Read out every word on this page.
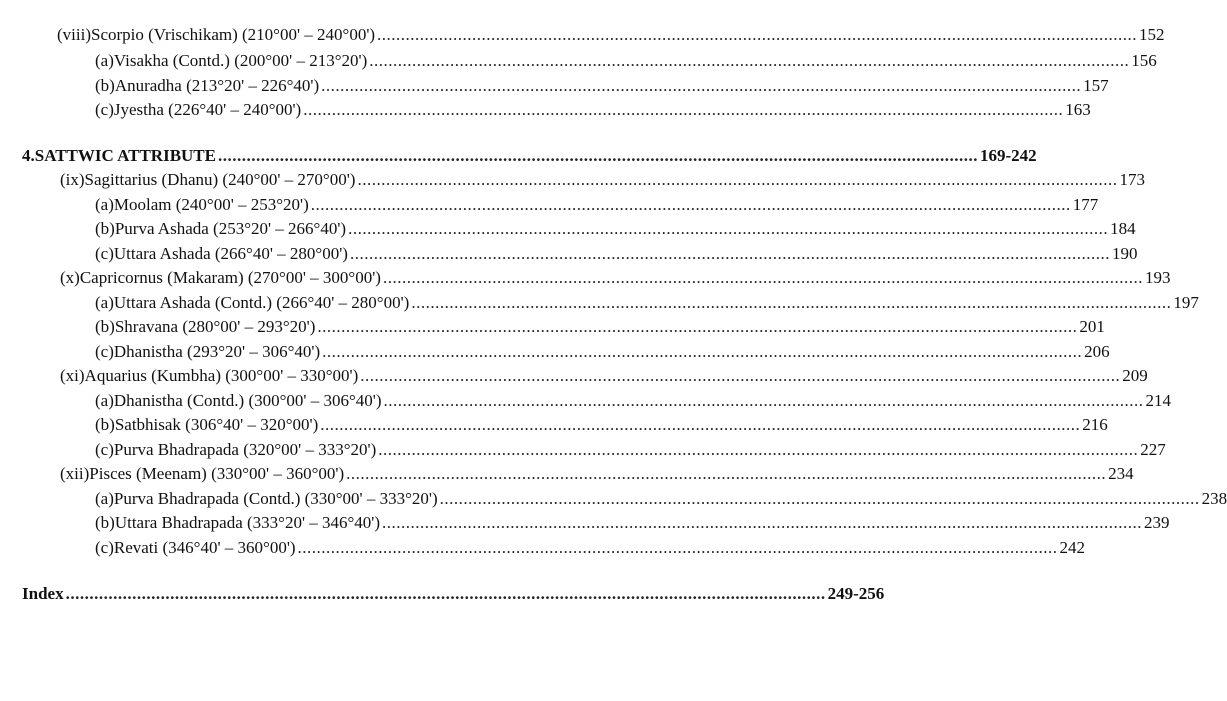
(viii) Scorpio (Vrischikam) (210°00' – 240°00') ................................................................................................................................................................ 152
(a) Visakha (Contd.) (200°00' – 213°20') ................................................................................................................................................................ 156
(b) Anuradha (213°20' – 226°40') ................................................................................................................................................................ 157
(c) Jyestha (226°40' – 240°00') ................................................................................................................................................................ 163
4. SATTWIC ATTRIBUTE ................................................................................................................................................................ 169-242
(ix) Sagittarius (Dhanu) (240°00' – 270°00') ................................................................................................................................................................ 173
(a) Moolam (240°00' – 253°20') ................................................................................................................................................................ 177
(b) Purva Ashada (253°20' – 266°40') ................................................................................................................................................................ 184
(c) Uttara Ashada (266°40' – 280°00') ................................................................................................................................................................ 190
(x) Capricornus (Makaram) (270°00' – 300°00') ................................................................................................................................................................ 193
(a) Uttara Ashada (Contd.) (266°40' – 280°00') ................................................................................................................................................................ 197
(b) Shravana (280°00' – 293°20') ................................................................................................................................................................ 201
(c) Dhanistha (293°20' – 306°40') ................................................................................................................................................................ 206
(xi) Aquarius (Kumbha) (300°00' – 330°00') ................................................................................................................................................................ 209
(a) Dhanistha (Contd.) (300°00' – 306°40') ................................................................................................................................................................ 214
(b) Satbhisak (306°40' – 320°00') ................................................................................................................................................................ 216
(c) Purva Bhadrapada (320°00' – 333°20') ................................................................................................................................................................ 227
(xii) Pisces (Meenam) (330°00' – 360°00') ................................................................................................................................................................ 234
(a) Purva Bhadrapada (Contd.) (330°00' – 333°20') ................................................................................................................................................................ 238
(b) Uttara Bhadrapada (333°20' – 346°40') ................................................................................................................................................................ 239
(c) Revati (346°40' – 360°00') ................................................................................................................................................................ 242
Index ................................................................................................................................................................ 249-256
